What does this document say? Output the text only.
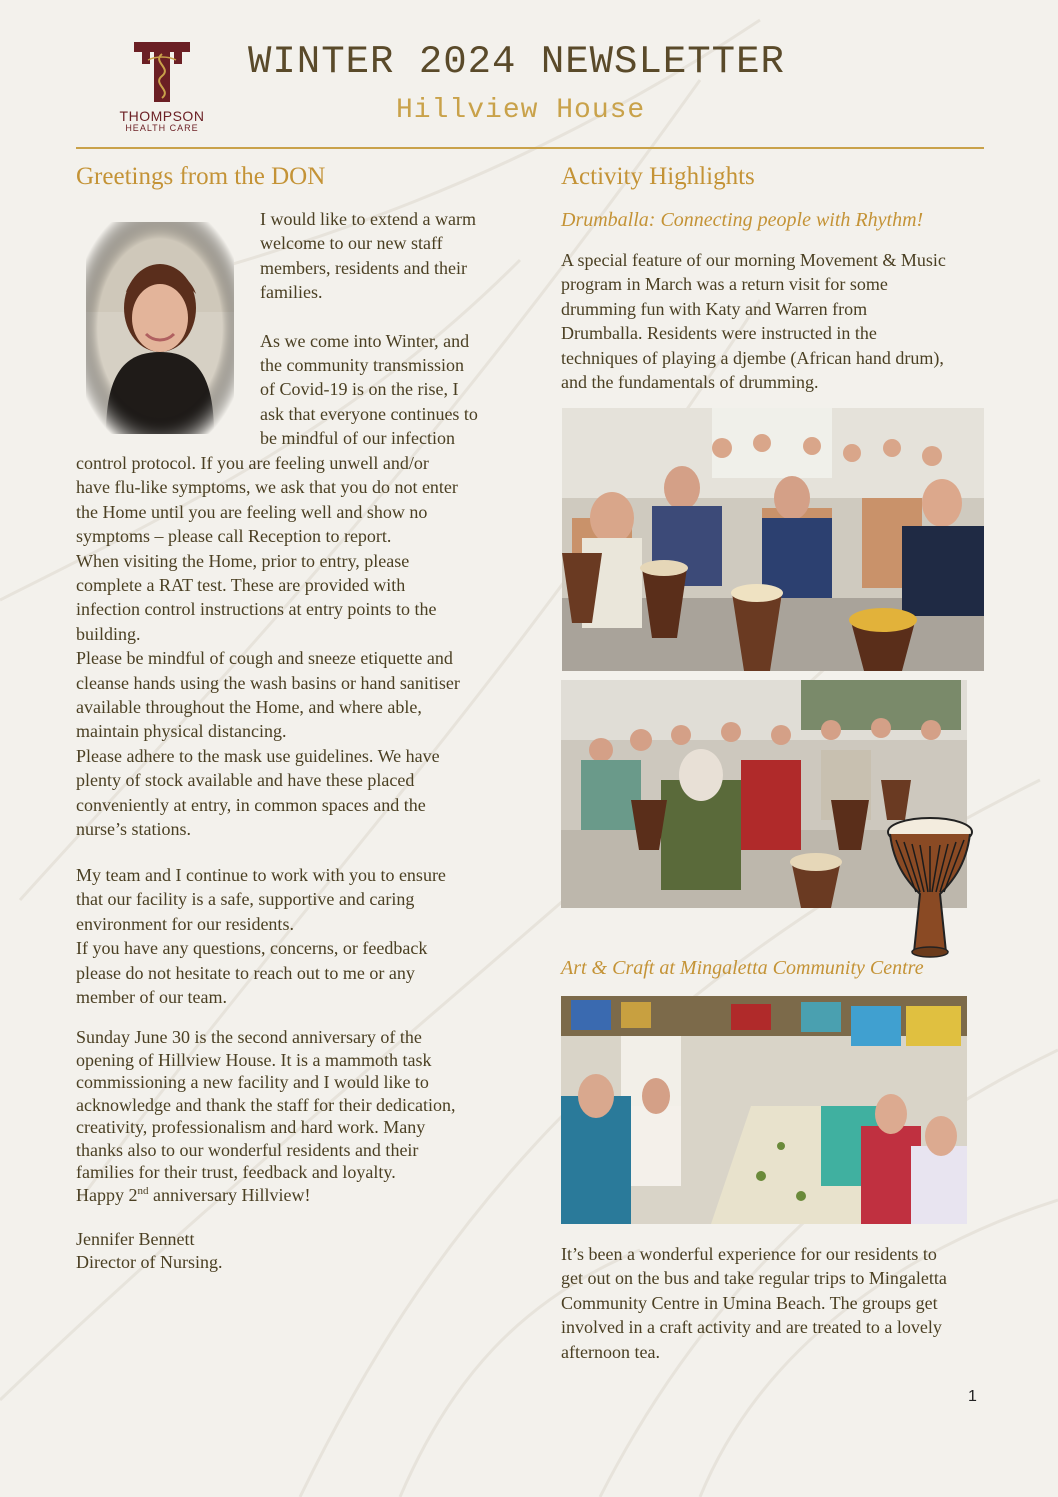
THOMPSON
HEALTH CARE
WINTER 2024 NEWSLETTER
Hillview House
Greetings from the DON

I would like to extend a warm

welcome to our new staff

members, residents and their

families.

As we come into Winter, and

the community transmission

of Covid-19 is on the rise, I

ask that everyone continues to

be mindful of our infection

control protocol. If you are feeling unwell and/or

have flu-like symptoms, we ask that you do not enter

the Home until you are feeling well and show no

symptoms – please call Reception to report.

When visiting the Home, prior to entry, please

complete a RAT test. These are provided with

infection control instructions at entry points to the

building.

Please be mindful of cough and sneeze etiquette and

cleanse hands using the wash basins or hand sanitiser

available throughout the Home, and where able,

maintain physical distancing.

Please adhere to the mask use guidelines. We have

plenty of stock available and have these placed

conveniently at entry, in common spaces and the

nurse’s stations.

My team and I continue to work with you to ensure

that our facility is a safe, supportive and caring

environment for our residents.

If you have any questions, concerns, or feedback

please do not hesitate to reach out to me or any

member of our team.

Sunday June 30 is the second anniversary of the

opening of Hillview House. It is a mammoth task

commissioning a new facility and I would like to

acknowledge and thank the staff for their dedication,

creativity, professionalism and hard work. Many

thanks also to our wonderful residents and their

families for their trust, feedback and loyalty.

Happy 2nd anniversary Hillview!

Jennifer Bennett

Director of Nursing.

Activity Highlights
Drumballa: Connecting people with Rhythm!

A special feature of our morning Movement & Music

program in March was a return visit for some

drumming fun with Katy and Warren from

Drumballa. Residents were instructed in the

techniques of playing a djembe (African hand drum),

and the fundamentals of drumming.

Art & Craft at Mingaletta Community Centre

It’s been a wonderful experience for our residents to

get out on the bus and take regular trips to Mingaletta

Community Centre in Umina Beach. The groups get

involved in a craft activity and are treated to a lovely

afternoon tea.

1
